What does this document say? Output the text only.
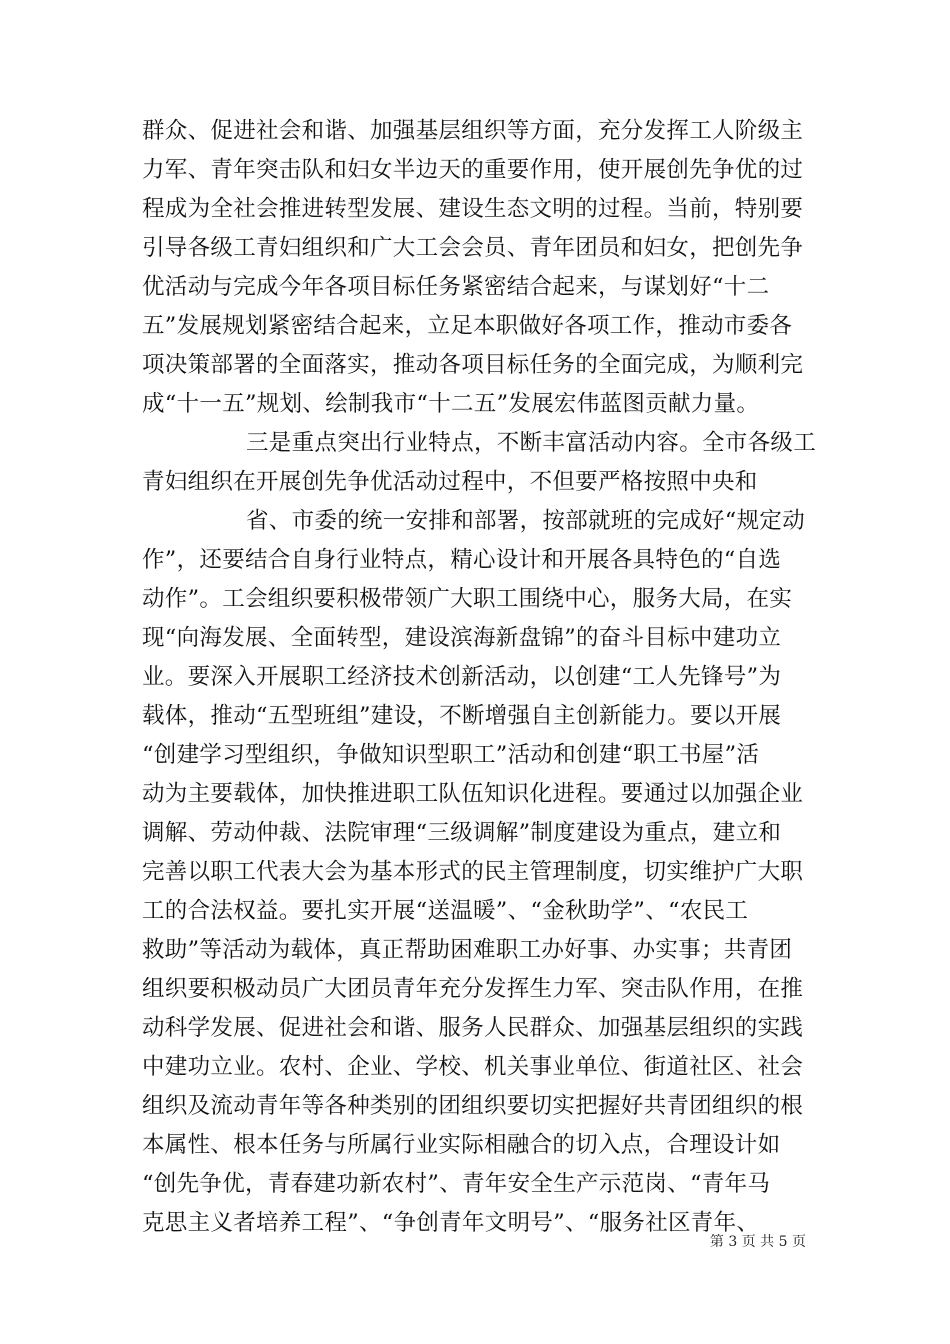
群众、促进社会和谐、加强基层组织等方面，充分发挥工人阶级主
力军、青年突击队和妇女半边天的重要作用，使开展创先争优的过
程成为全社会推进转型发展、建设生态文明的过程。当前，特别要
引导各级工青妇组织和广大工会会员、青年团员和妇女，把创先争
优活动与完成今年各项目标任务紧密结合起来，与谋划好“十二
五”发展规划紧密结合起来，立足本职做好各项工作，推动市委各
项决策部署的全面落实，推动各项目标任务的全面完成，为顺利完
成“十一五”规划、绘制我市“十二五”发展宏伟蓝图贡献力量。
三是重点突出行业特点，不断丰富活动内容。全市各级工
青妇组织在开展创先争优活动过程中，不但要严格按照中央和
省、市委的统一安排和部署，按部就班的完成好“规定动
作”，还要结合自身行业特点，精心设计和开展各具特色的“自选
动作”。工会组织要积极带领广大职工围绕中心，服务大局，在实
现“向海发展、全面转型，建设滨海新盘锦”的奋斗目标中建功立
业。要深入开展职工经济技术创新活动，以创建“工人先锋号”为
载体，推动“五型班组”建设，不断增强自主创新能力。要以开展
“创建学习型组织，争做知识型职工”活动和创建“职工书屋”活
动为主要载体，加快推进职工队伍知识化进程。要通过以加强企业
调解、劳动仲裁、法院审理“三级调解”制度建设为重点，建立和
完善以职工代表大会为基本形式的民主管理制度，切实维护广大职
工的合法权益。要扎实开展“送温暖”、“金秋助学”、“农民工
救助”等活动为载体，真正帮助困难职工办好事、办实事；共青团
组织要积极动员广大团员青年充分发挥生力军、突击队作用，在推
动科学发展、促进社会和谐、服务人民群众、加强基层组织的实践
中建功立业。农村、企业、学校、机关事业单位、街道社区、社会
组织及流动青年等各种类别的团组织要切实把握好共青团组织的根
本属性、根本任务与所属行业实际相融合的切入点，合理设计如
“创先争优，青春建功新农村”、青年安全生产示范岗、“青年马
克思主义者培养工程”、“争创青年文明号”、“服务社区青年、
第 3 页 共 5 页
